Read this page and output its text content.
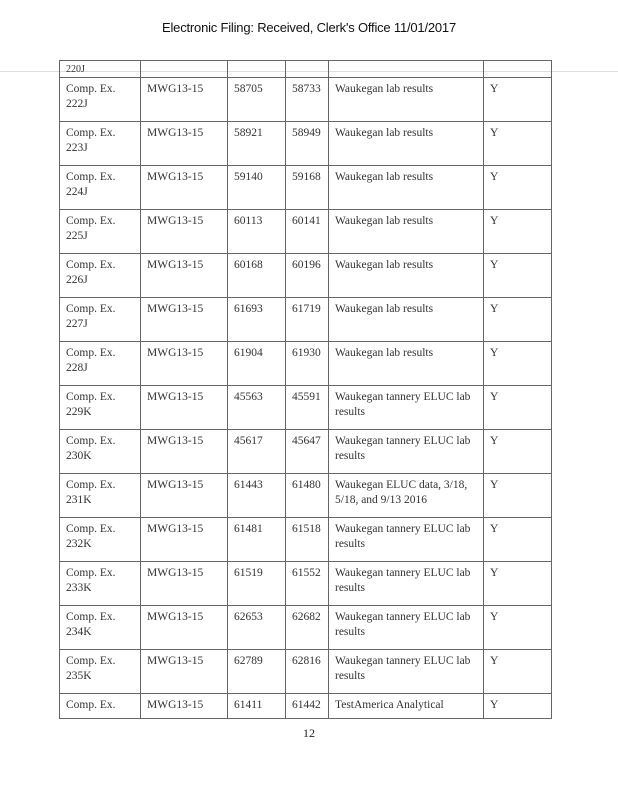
Electronic Filing: Received, Clerk's Office 11/01/2017
220J					
Comp. Ex. 222J	MWG13-15	58705	58733	Waukegan lab results	Y
Comp. Ex. 223J	MWG13-15	58921	58949	Waukegan lab results	Y
Comp. Ex. 224J	MWG13-15	59140	59168	Waukegan lab results	Y
Comp. Ex. 225J	MWG13-15	60113	60141	Waukegan lab results	Y
Comp. Ex. 226J	MWG13-15	60168	60196	Waukegan lab results	Y
Comp. Ex. 227J	MWG13-15	61693	61719	Waukegan lab results	Y
Comp. Ex. 228J	MWG13-15	61904	61930	Waukegan lab results	Y
Comp. Ex. 229K	MWG13-15	45563	45591	Waukegan tannery ELUC lab results	Y
Comp. Ex. 230K	MWG13-15	45617	45647	Waukegan tannery ELUC lab results	Y
Comp. Ex. 231K	MWG13-15	61443	61480	Waukegan ELUC data, 3/18, 5/18, and 9/13 2016	Y
Comp. Ex. 232K	MWG13-15	61481	61518	Waukegan tannery ELUC lab results	Y
Comp. Ex. 233K	MWG13-15	61519	61552	Waukegan tannery ELUC lab results	Y
Comp. Ex. 234K	MWG13-15	62653	62682	Waukegan tannery ELUC lab results	Y
Comp. Ex. 235K	MWG13-15	62789	62816	Waukegan tannery ELUC lab results	Y
Comp. Ex.	MWG13-15	61411	61442	TestAmerica Analytical	Y
12
